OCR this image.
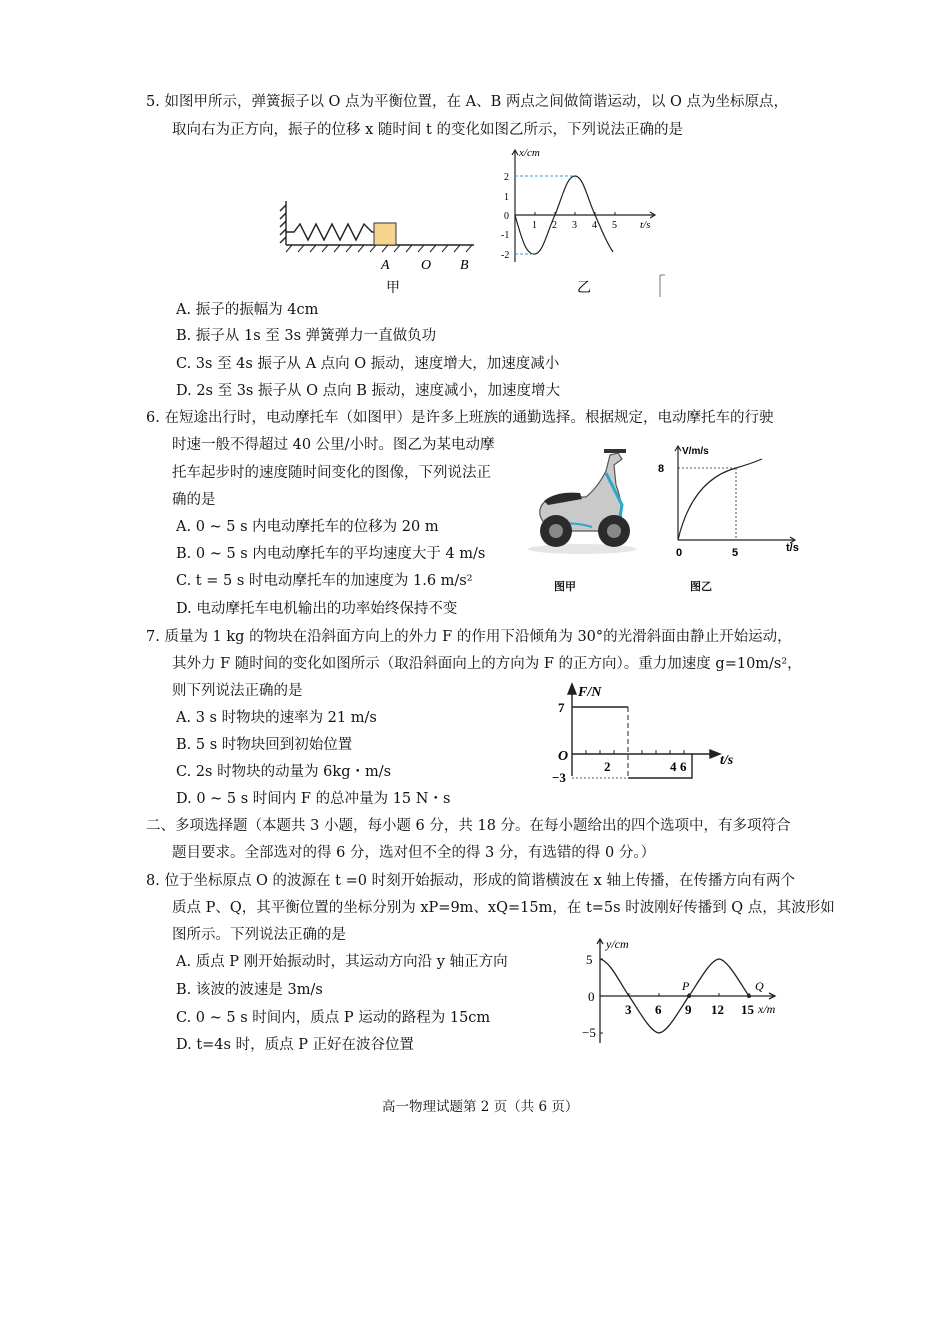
5. 如图甲所示，弹簧振子以 O 点为平衡位置，在 A、B 两点之间做简谐运动，以 O 点为坐标原点，
取向右为正方向，振子的位移 x 随时间 t 的变化如图乙所示，下列说法正确的是
A O B
甲
x/cm
t/s
2
1
0
-1
-2
1 2 3 4 5
乙
A. 振子的振幅为 4cm
B. 振子从 1s 至 3s 弹簧弹力一直做负功
C. 3s 至 4s 振子从 A 点向 O 振动，速度增大，加速度减小
D. 2s 至 3s 振子从 O 点向 B 振动，速度减小，加速度增大
6. 在短途出行时，电动摩托车（如图甲）是许多上班族的通勤选择。根据规定，电动摩托车的行驶
时速一般不得超过 40 公里/小时。图乙为某电动摩
托车起步时的速度随时间变化的图像，下列说法正
确的是
A. 0 ~ 5 s 内电动摩托车的位移为 20 m
B. 0 ~ 5 s 内电动摩托车的平均速度大于 4 m/s
C. t = 5 s 时电动摩托车的加速度为 1.6 m/s²
D. 电动摩托车电机输出的功率始终保持不变
V/m/s
t/s
8
0	5
图甲	图乙
7. 质量为 1 kg 的物块在沿斜面方向上的外力 F 的作用下沿倾角为 30°的光滑斜面由静止开始运动，
其外力 F 随时间的变化如图所示（取沿斜面向上的方向为 F 的正方向）。重力加速度 g=10m/s²，
则下列说法正确的是
A. 3 s 时物块的速率为 21 m/s
B. 5 s 时物块回到初始位置
C. 2s 时物块的动量为 6kg・m/s
D. 0 ~ 5 s 时间内 F 的总冲量为 15 N・s
F/N
t/s
O
7
−3
2	4 6
二、多项选择题（本题共 3 小题，每小题 6 分，共 18 分。在每小题给出的四个选项中，有多项符合
题目要求。全部选对的得 6 分，选对但不全的得 3 分，有选错的得 0 分。）
8. 位于坐标原点 O 的波源在 t =0 时刻开始振动，形成的简谐横波在 x 轴上传播，在传播方向有两个
质点 P、Q，其平衡位置的坐标分别为 xP=9m、xQ=15m，在 t=5s 时波刚好传播到 Q 点，其波形如
图所示。下列说法正确的是
A. 质点 P 刚开始振动时，其运动方向沿 y 轴正方向
B. 该波的波速是 3m/s
C. 0 ~ 5 s 时间内，质点 P 运动的路程为 15cm
D. t=4s 时，质点 P 正好在波谷位置
y/cm
x/m
5
0
−5
3 6 9 12 15
P	Q
高一物理试题第 2 页（共 6 页）
